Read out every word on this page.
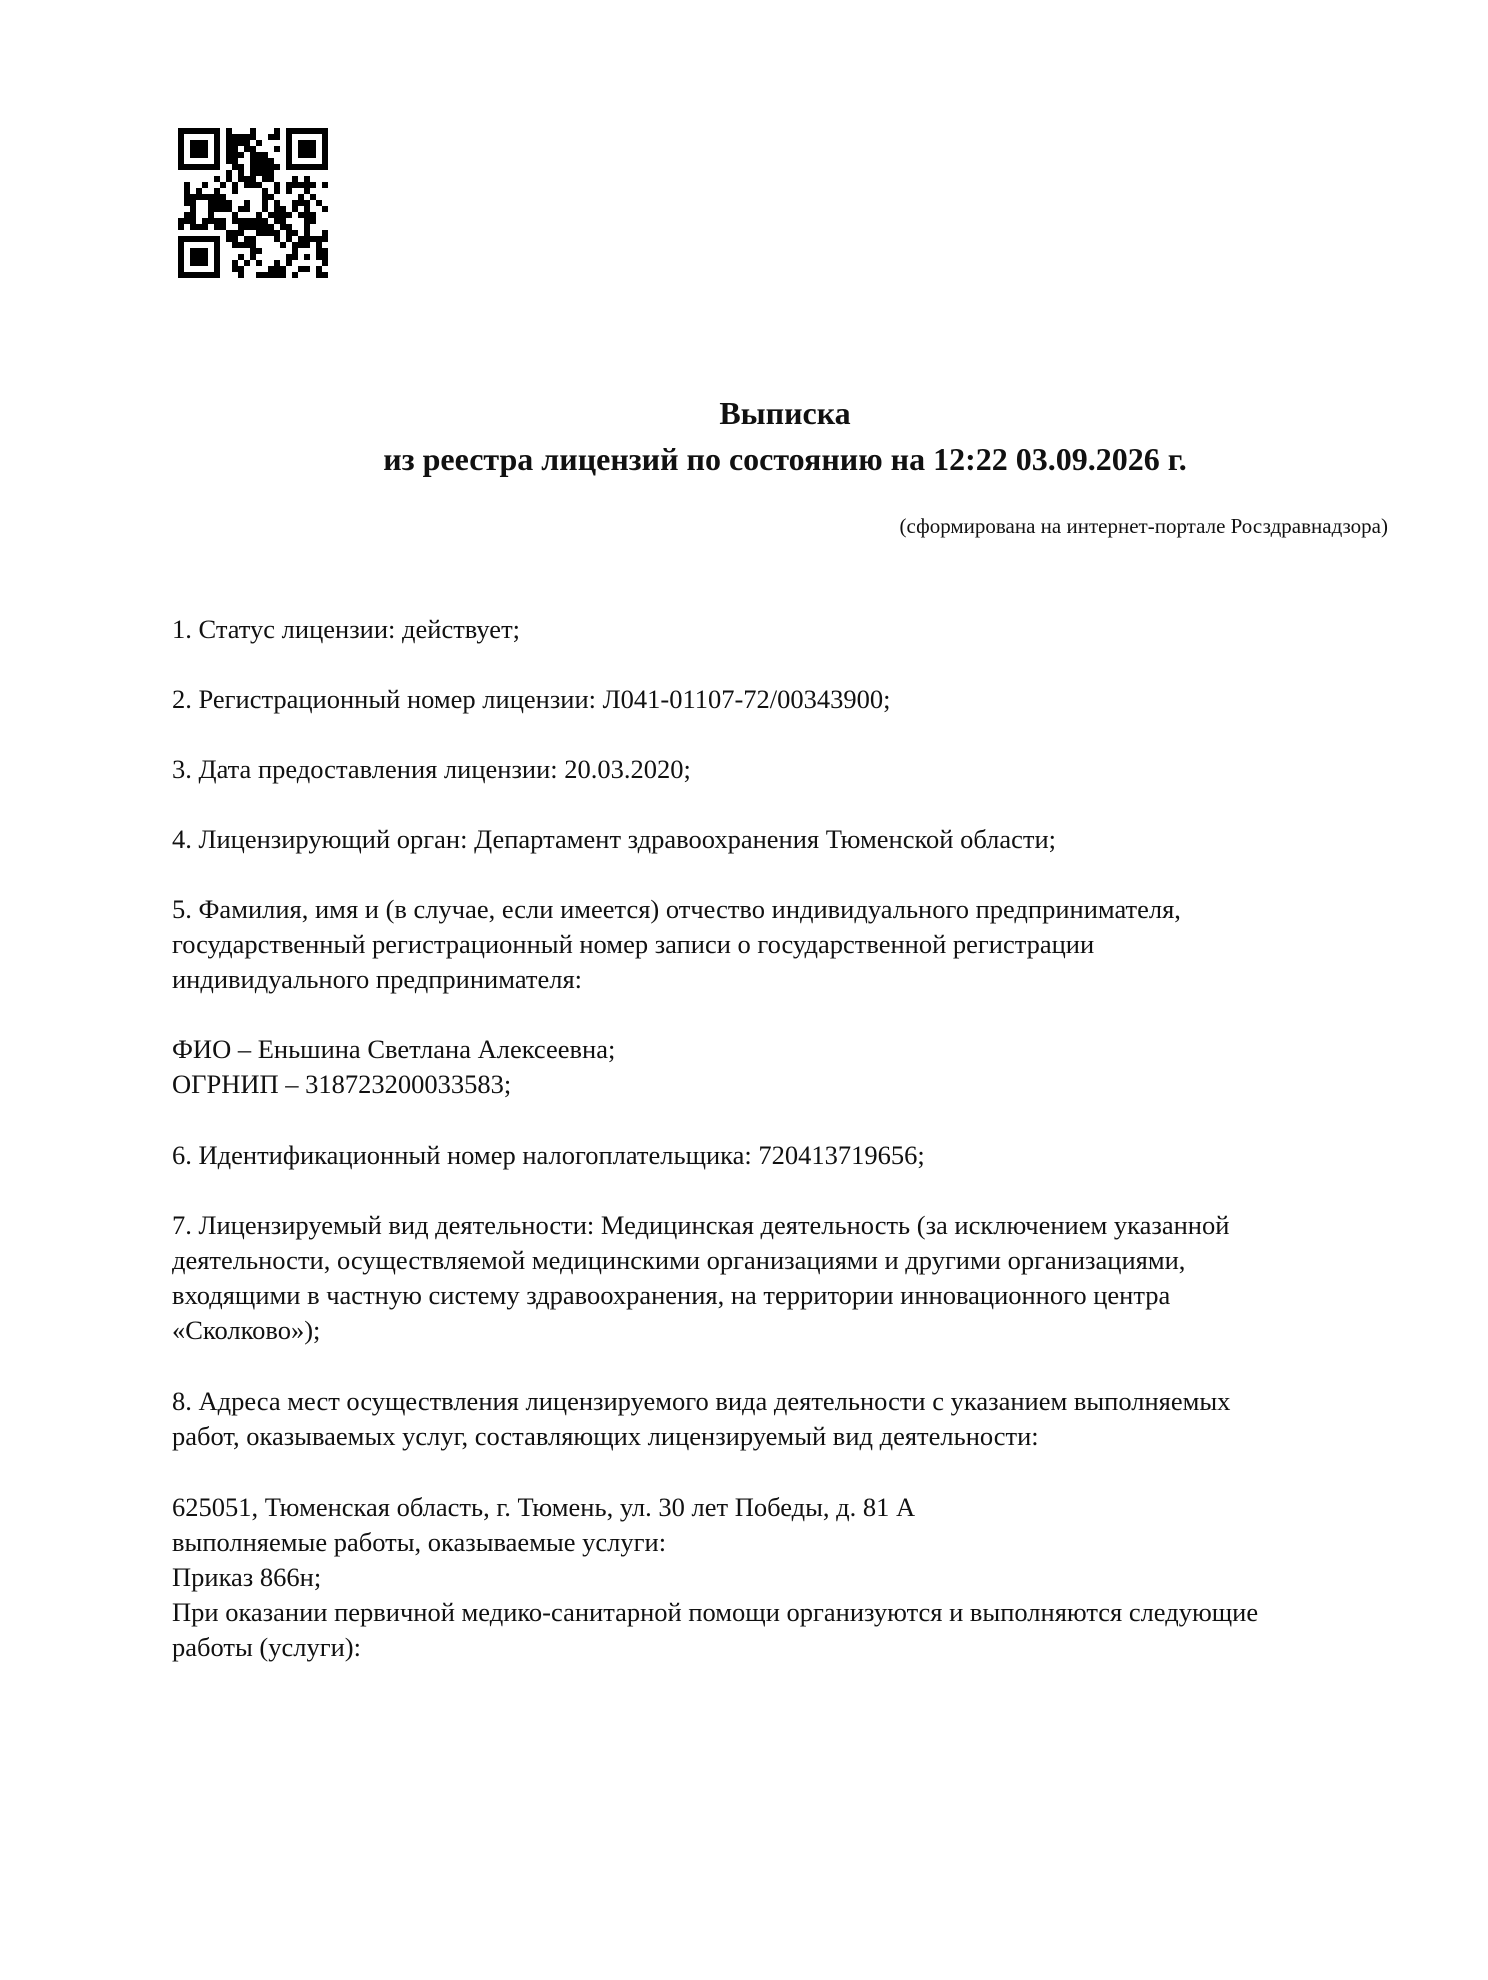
Выписка
из реестра лицензий по состоянию на 12:22 03.09.2026 г.
(сформирована на интернет-портале Росздравнадзора)
1. Статус лицензии: действует;
2. Регистрационный номер лицензии: Л041-01107-72/00343900;
3. Дата предоставления лицензии: 20.03.2020;
4. Лицензирующий орган: Департамент здравоохранения Тюменской области;
5. Фамилия, имя и (в случае, если имеется) отчество индивидуального предпринимателя,
государственный регистрационный номер записи о государственной регистрации
индивидуального предпринимателя:
ФИО – Еньшина Светлана Алексеевна;
ОГРНИП – 318723200033583;
6. Идентификационный номер налогоплательщика: 720413719656;
7. Лицензируемый вид деятельности: Медицинская деятельность (за исключением указанной
деятельности, осуществляемой медицинскими организациями и другими организациями,
входящими в частную систему здравоохранения, на территории инновационного центра
«Сколково»);
8. Адреса мест осуществления лицензируемого вида деятельности с указанием выполняемых
работ, оказываемых услуг, составляющих лицензируемый вид деятельности:
625051, Тюменская область, г. Тюмень, ул. 30 лет Победы, д. 81 А
выполняемые работы, оказываемые услуги:
Приказ 866н;
При оказании первичной медико-санитарной помощи организуются и выполняются следующие
работы (услуги):
